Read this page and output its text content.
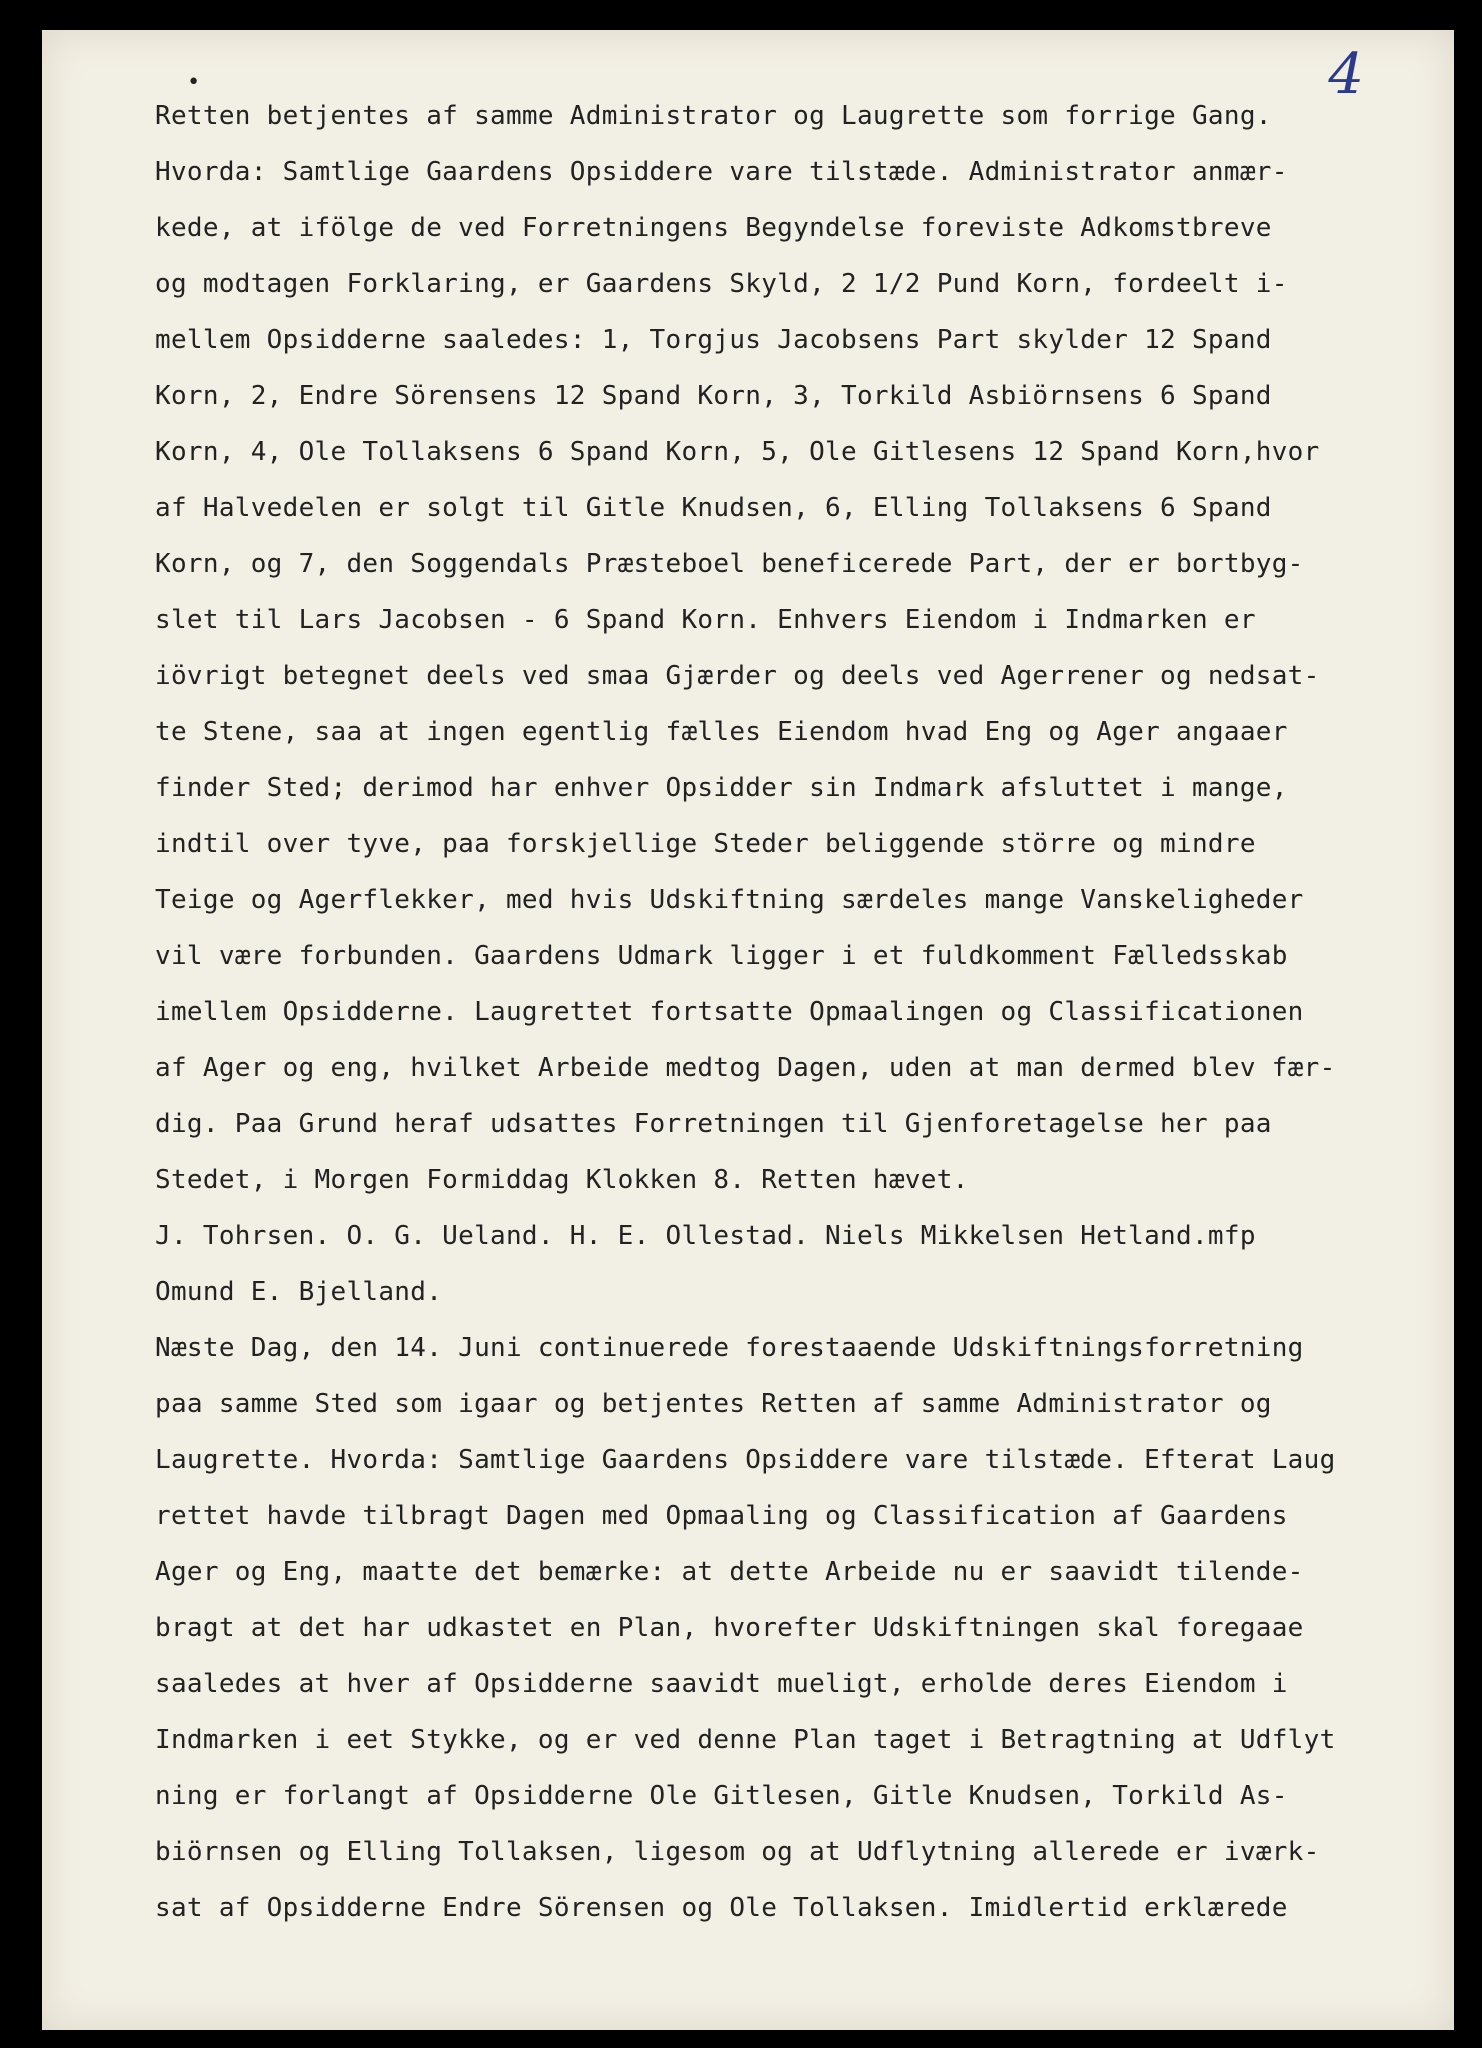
•	4
Retten betjentes af samme Administrator og Laugrette som forrige Gang.
Hvorda: Samtlige Gaardens Opsiddere vare tilstæde. Administrator anmær-
kede, at ifölge de ved Forretningens Begyndelse foreviste Adkomstbreve
og modtagen Forklaring, er Gaardens Skyld, 2 1/2 Pund Korn, fordeelt i-
mellem Opsidderne saaledes: 1, Torgjus Jacobsens Part skylder 12 Spand
Korn, 2, Endre Sörensens 12 Spand Korn, 3, Torkild Asbiörnsens 6 Spand
Korn, 4, Ole Tollaksens 6 Spand Korn, 5, Ole Gitlesens 12 Spand Korn,hvor
af Halvedelen er solgt til Gitle Knudsen, 6, Elling Tollaksens 6 Spand
Korn, og 7, den Soggendals Præsteboel beneficerede Part, der er bortbyg-
slet til Lars Jacobsen - 6 Spand Korn. Enhvers Eiendom i Indmarken er
iövrigt betegnet deels ved smaa Gjærder og deels ved Agerrener og nedsat-
te Stene, saa at ingen egentlig fælles Eiendom hvad Eng og Ager angaaer
finder Sted; derimod har enhver Opsidder sin Indmark afsluttet i mange,
indtil over tyve, paa forskjellige Steder beliggende större og mindre
Teige og Agerflekker, med hvis Udskiftning særdeles mange Vanskeligheder
vil være forbunden. Gaardens Udmark ligger i et fuldkomment Fælledsskab
imellem Opsidderne. Laugrettet fortsatte Opmaalingen og Classificationen
af Ager og eng, hvilket Arbeide medtog Dagen, uden at man dermed blev fær-
dig. Paa Grund heraf udsattes Forretningen til Gjenforetagelse her paa
Stedet, i Morgen Formiddag Klokken 8. Retten hævet.
J. Tohrsen. O. G. Ueland. H. E. Ollestad. Niels Mikkelsen Hetland.mfp
Omund E. Bjelland.
Næste Dag, den 14. Juni continuerede forestaaende Udskiftningsforretning
paa samme Sted som igaar og betjentes Retten af samme Administrator og
Laugrette. Hvorda: Samtlige Gaardens Opsiddere vare tilstæde. Efterat Laug
rettet havde tilbragt Dagen med Opmaaling og Classification af Gaardens
Ager og Eng, maatte det bemærke: at dette Arbeide nu er saavidt tilende-
bragt at det har udkastet en Plan, hvorefter Udskiftningen skal foregaae
saaledes at hver af Opsidderne saavidt mueligt, erholde deres Eiendom i
Indmarken i eet Stykke, og er ved denne Plan taget i Betragtning at Udflyt
ning er forlangt af Opsidderne Ole Gitlesen, Gitle Knudsen, Torkild As-
biörnsen og Elling Tollaksen, ligesom og at Udflytning allerede er iværk-
sat af Opsidderne Endre Sörensen og Ole Tollaksen. Imidlertid erklærede
